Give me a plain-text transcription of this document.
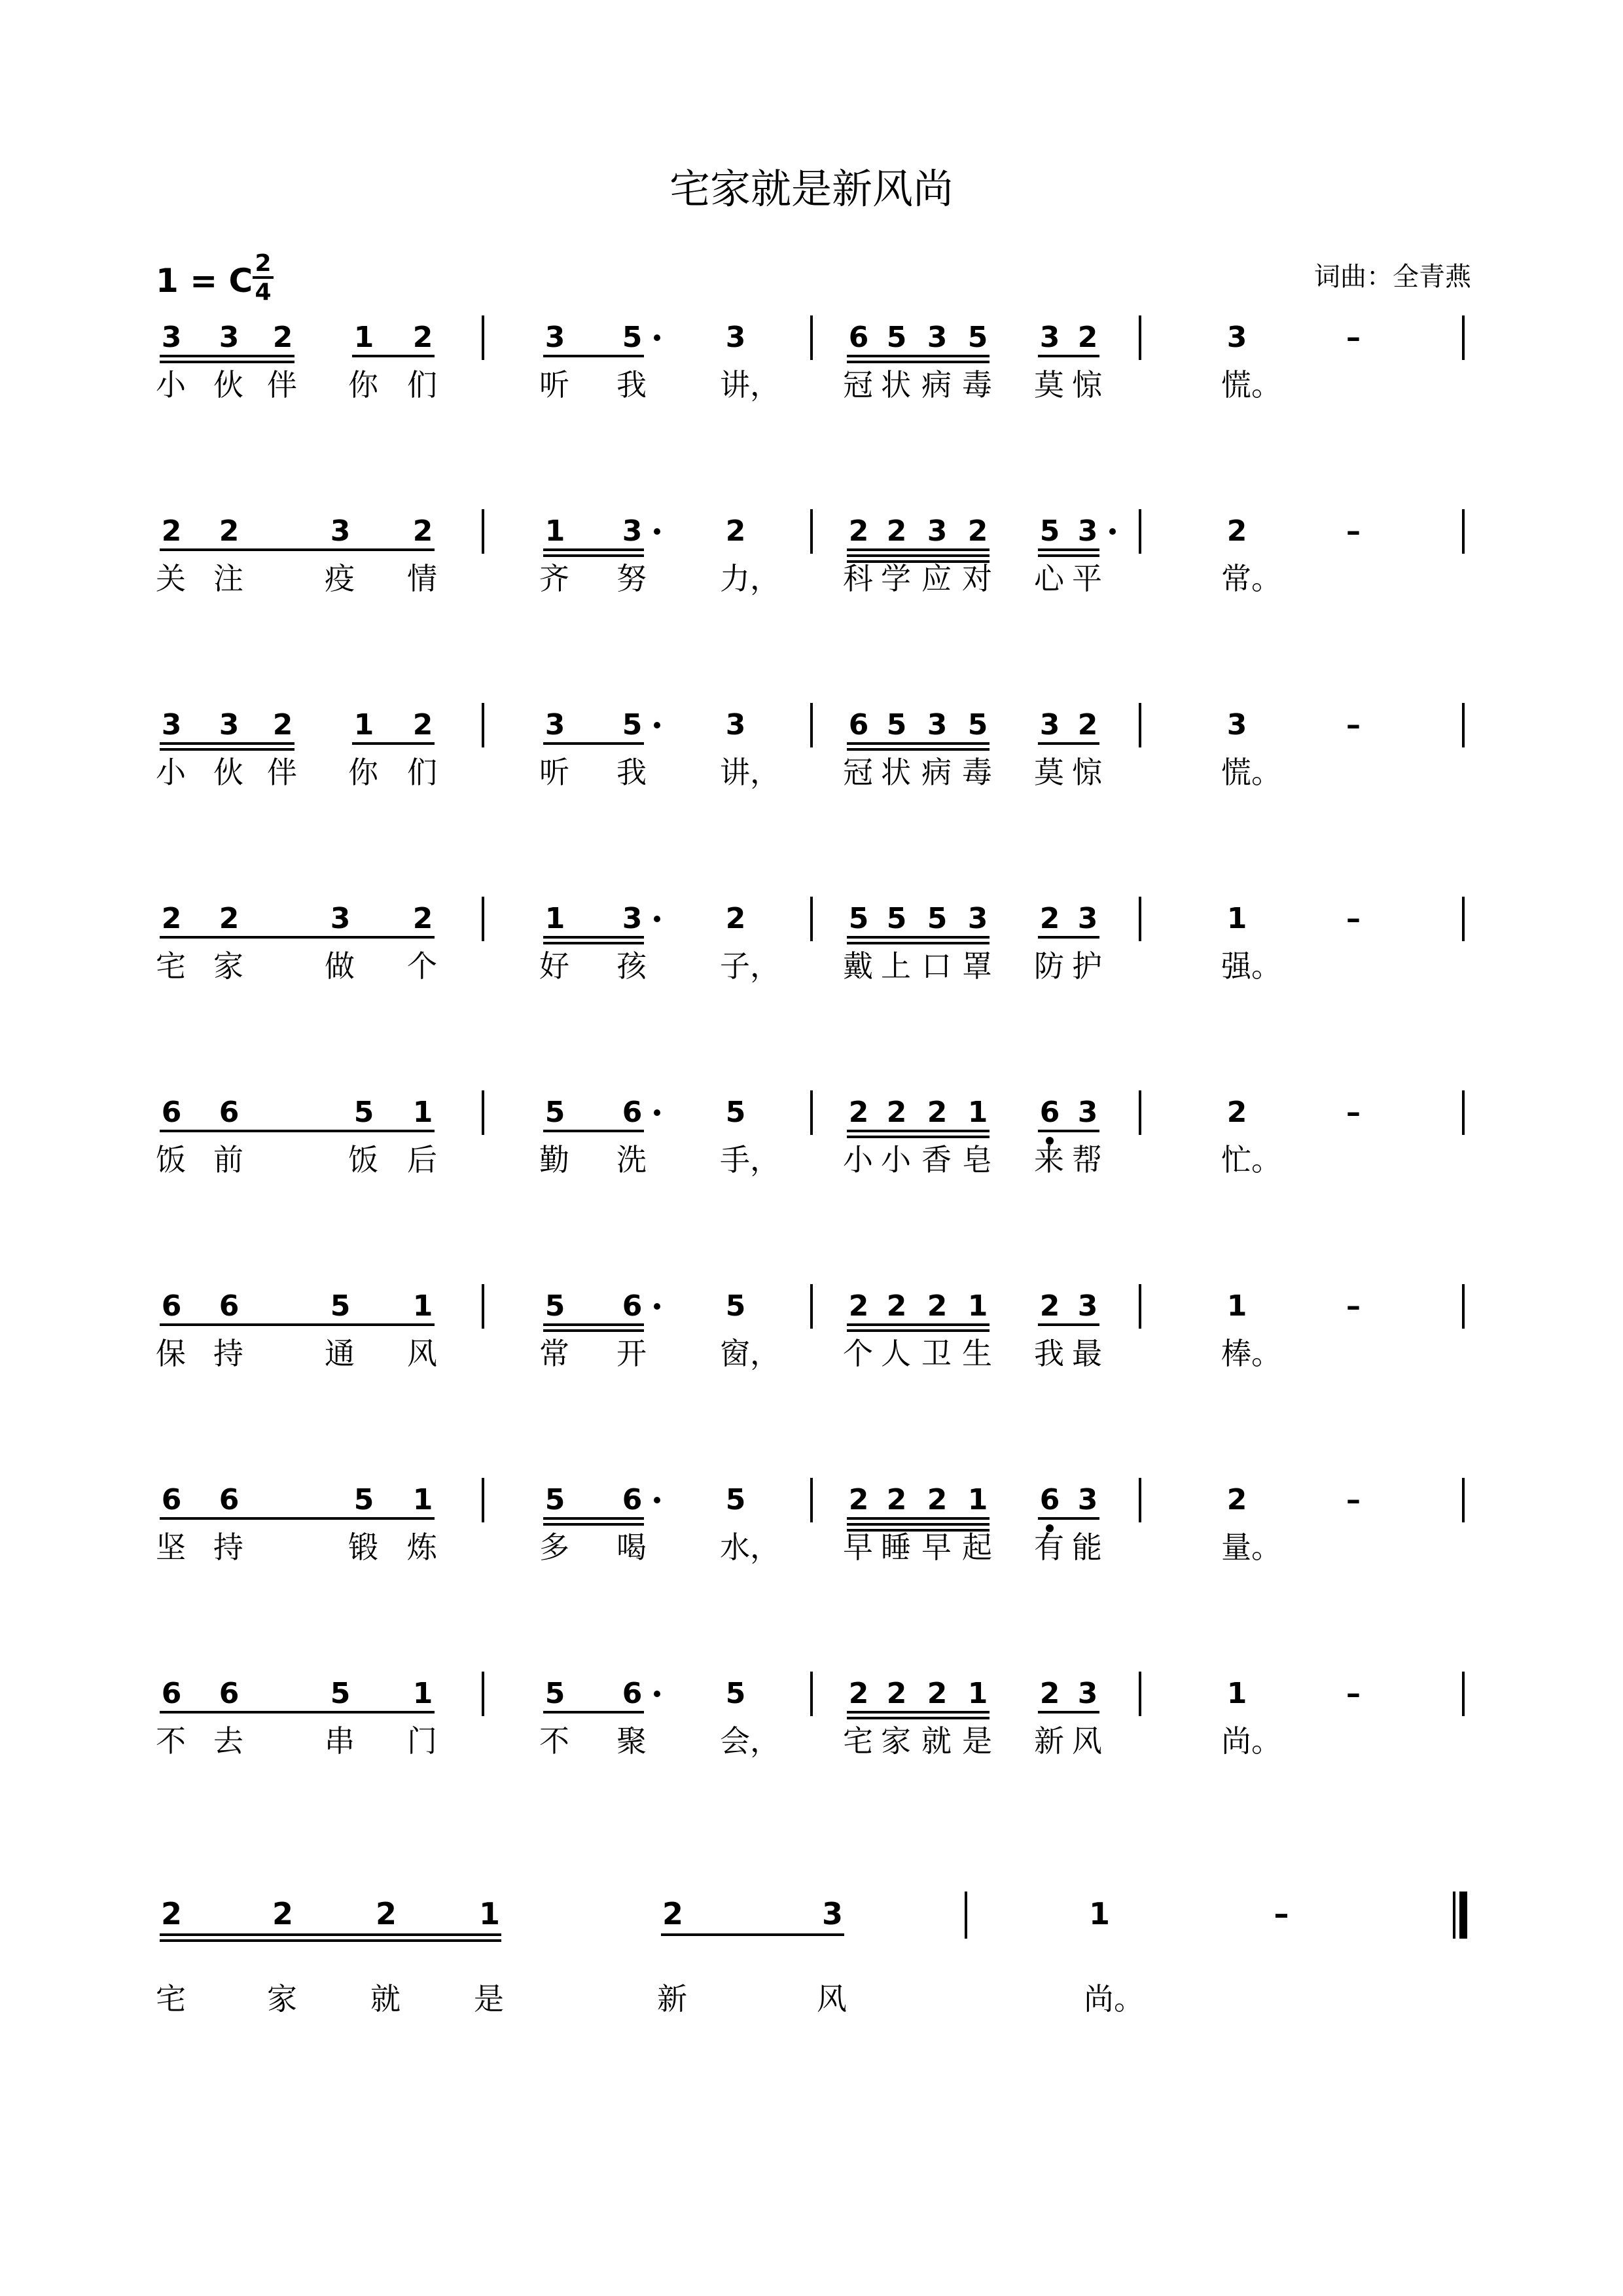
宅家就是新风尚
1 = C 2
4
词曲：全青燕
3
小
3
伙
2
伴
1
你
2
们
3
听
5
我
3
讲，
6
冠
5
状
3
病
5
毒
3
莫
2
惊
3
慌。
–
2
关
2
注
3
疫
2
情
1
齐
3
努
2
力，
2
科
2
学
3
应
2
对
5
心
3
平
2
常。
–
3
小
3
伙
2
伴
1
你
2
们
3
听
5
我
3
讲，
6
冠
5
状
3
病
5
毒
3
莫
2
惊
3
慌。
–
2
宅
2
家
3
做
2
个
1
好
3
孩
2
子，
5
戴
5
上
5
口
3
罩
2
防
3
护
1
强。
–
6
饭
6
前
5
饭
1
后
5
勤
6
洗
5
手，
2
小
2
小
2
香
1
皂
6
来
3
帮
2
忙。
–
6
保
6
持
5
通
1
风
5
常
6
开
5
窗，
2
个
2
人
2
卫
1
生
2
我
3
最
1
棒。
–
6
坚
6
持
5
锻
1
炼
5
多
6
喝
5
水，
2
早
2
睡
2
早
1
起
6
有
3
能
2
量。
–
6
不
6
去
5
串
1
门
5
不
6
聚
5
会，
2
宅
2
家
2
就
1
是
2
新
3
风
1
尚。
–
2
宅
2
家
2
就
1
是
2
新
3
风
1
尚。
–
